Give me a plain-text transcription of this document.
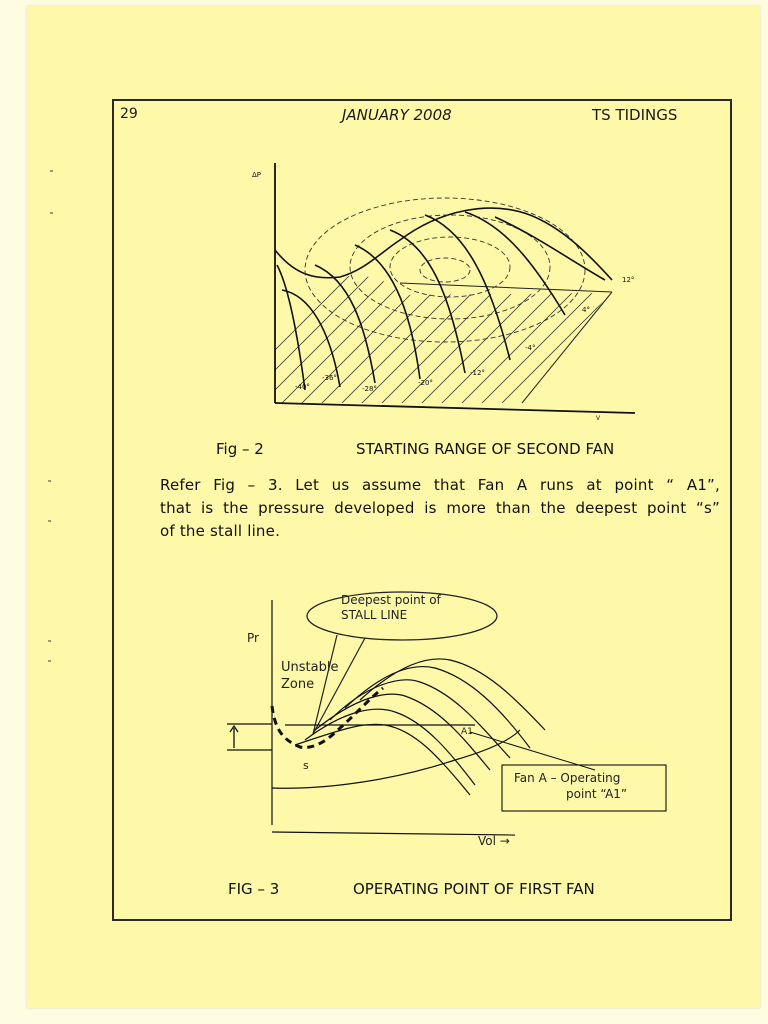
29	JANUARY 2008	TS TIDINGS
ΔP
V
12°
4°
-4°
-12°
-20°
-28°
-36°
-40°
Fig – 2	STARTING RANGE OF SECOND FAN
Refer Fig – 3. Let us assume that Fan A runs at point “ A1”,
that is the pressure developed is more than the deepest point “s”
of the stall line.
Pr
Vol →
Deepest point of
STALL LINE
Unstable
Zone
s
A1
Fan A – Operating
point “A1”
FIG – 3	OPERATING POINT OF FIRST FAN
